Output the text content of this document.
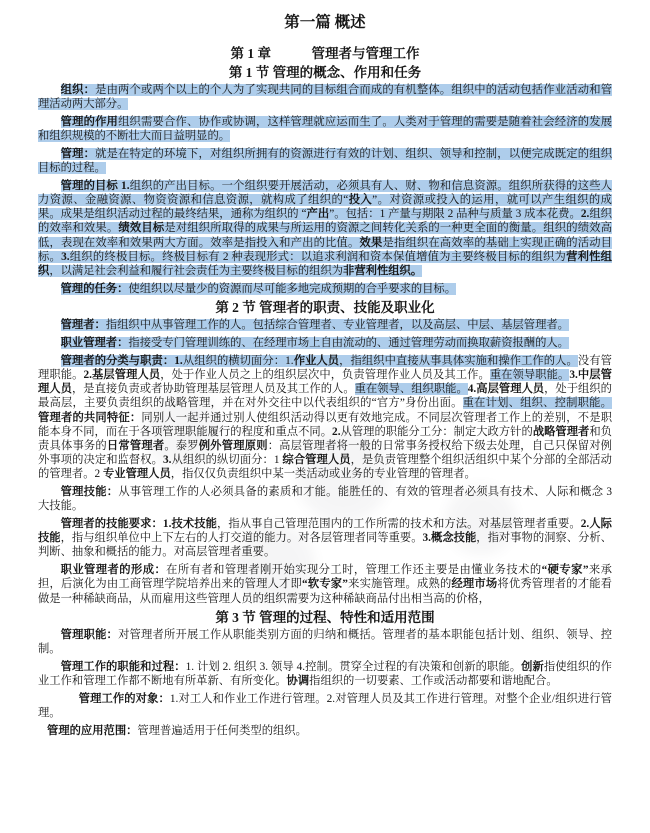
第一篇 概述
第 1 章　　　管理者与管理工作
第 1 节 管理的概念、作用和任务

组织：是由两个或两个以上的个人为了实现共同的目标组合而成的有机整体。组织中的活动包括作业活动和管理活动两大部分。

管理的作用组织需要合作、协作或协调，这样管理就应运而生了。人类对于管理的需要是随着社会经济的发展和组织规模的不断壮大而日益明显的。

管理：就是在特定的环境下，对组织所拥有的资源进行有效的计划、组织、领导和控制，以便完成既定的组织目标的过程。

管理的目标 1.组织的产出目标。一个组织要开展活动，必须具有人、财、物和信息资源。组织所获得的这些人力资源、金融资源、物资资源和信息资源，就构成了组织的“投入”。对资源或投入的运用，就可以产生组织的成果。成果是组织活动过程的最终结果，通称为组织的 “产出”。包括：1 产量与期限 2 品种与质量 3 成本花费。2.组织的效率和效果。绩效目标是对组织所取得的成果与所运用的资源之间转化关系的一种更全面的衡量。组织的绩效高低，表现在效率和效果两大方面。效率是指投入和产出的比值。效果是指组织在高效率的基础上实现正确的活动目标。3.组织的终极目标。终极目标有 2 种表现形式：以追求利润和资本保值增值为主要终极目标的组织为营利性组织，以满足社会利益和履行社会责任为主要终极目标的组织为非营利性组织。

管理的任务：使组织以尽量少的资源而尽可能多地完成预期的合乎要求的目标。

第 2 节 管理者的职责、技能及职业化

管理者：指组织中从事管理工作的人。包括综合管理者、专业管理者，以及高层、中层、基层管理者。

职业管理者：指接受专门管理训练的、在经理市场上自由流动的、通过管理劳动而换取薪资报酬的人。

管理者的分类与职责：1.从组织的横切面分：1.作业人员，指组织中直接从事具体实施和操作工作的人。没有管理职能。2.基层管理人员，处于作业人员之上的组织层次中，负责管理作业人员及其工作。重在领导职能。3.中层管理人员，是直接负责或者协助管理基层管理人员及其工作的人。重在领导、组织职能。4.高层管理人员，处于组织的最高层，主要负责组织的战略管理，并在对外交往中以代表组织的“官方”身份出面。重在计划、组织、控制职能。管理者的共同特征：同别人一起并通过别人使组织活动得以更有效地完成。不同层次管理者工作上的差别，不是职能本身不同，而在于各项管理职能履行的程度和重点不同。2.从管理的职能分工分：制定大政方针的战略管理者和负责具体事务的日常管理者。泰罗例外管理原则：高层管理者将一般的日常事务授权给下级去处理，自己只保留对例外事项的决定和监督权。3.从组织的纵切面分：1 综合管理人员，是负责管理整个组织活组织中某个分部的全部活动的管理者。2 专业管理人员，指仅仅负责组织中某一类活动或业务的专业管理的管理者。

管理技能：从事管理工作的人必须具备的素质和才能。能胜任的、有效的管理者必须具有技术、人际和概念 3 大技能。

管理者的技能要求：1.技术技能，指从事自己管理范围内的工作所需的技术和方法。对基层管理者重要。2.人际技能，指与组织单位中上下左右的人打交道的能力。对各层管理者同等重要。3.概念技能，指对事物的洞察、分析、判断、抽象和概括的能力。对高层管理者重要。

职业管理者的形成：在所有者和管理者刚开始实现分工时，管理工作还主要是由懂业务技术的“硬专家”来承担，后演化为由工商管理学院培养出来的管理人才即“软专家”来实施管理。成熟的经理市场将优秀管理者的才能看做是一种稀缺商品，从而雇用这些管理人员的组织需要为这种稀缺商品付出相当高的价格，

第 3 节 管理的过程、特性和适用范围

管理职能：对管理者所开展工作从职能类别方面的归纳和概括。管理者的基本职能包括计划、组织、领导、控制。

管理工作的职能和过程：1. 计划 2. 组织 3. 领导 4.控制。贯穿全过程的有决策和创新的职能。创新指使组织的作业工作和管理工作都不断地有所革新、有所变化。协调指组织的一切要素、工作或活动都要和谐地配合。

管理工作的对象：1.对工人和作业工作进行管理。2.对管理人员及其工作进行管理。对整个企业/组织进行管理。

管理的应用范围：管理普遍适用于任何类型的组织。
